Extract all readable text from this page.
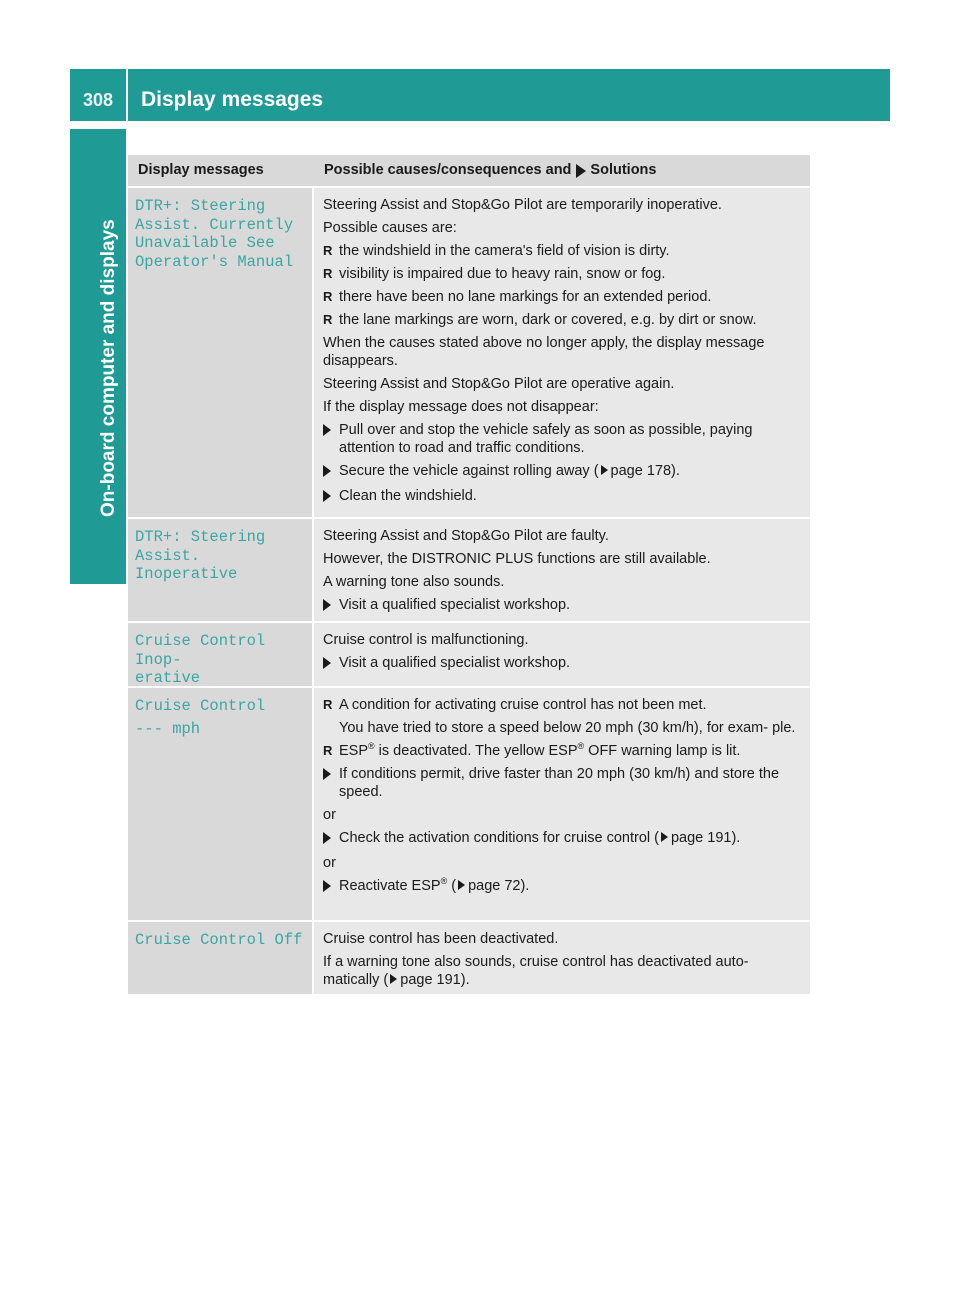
308	Display messages
On-board computer and displays
Display messages	Possible causes/consequences and Solutions
DTR+: Steering
Assist. Currently
Unavailable See
Operator's Manual

Steering Assist and Stop&Go Pilot are temporarily inoperative.

Possible causes are:

R the windshield in the camera's field of vision is dirty.
R visibility is impaired due to heavy rain, snow or fog.
R there have been no lane markings for an extended period.
R the lane markings are worn, dark or covered, e.g. by dirt or snow.

When the causes stated above no longer apply, the display message disappears.

Steering Assist and Stop&Go Pilot are operative again.

If the display message does not disappear:

Pull over and stop the vehicle safely as soon as possible, paying attention to road and traffic conditions.
Secure the vehicle against rolling away ( page 178).
Clean the windshield.
DTR+: Steering
Assist. Inoperative

Steering Assist and Stop&Go Pilot are faulty.

However, the DISTRONIC PLUS functions are still available.

A warning tone also sounds.

Visit a qualified specialist workshop.
Cruise Control Inop-
erative

Cruise control is malfunctioning.

Visit a qualified specialist workshop.
Cruise Control
--- mph
R A condition for activating cruise control has not been met.

You have tried to store a speed below 20 mph (30 km/h), for exam- ple.

R ESP® is deactivated. The yellow ESP® OFF warning lamp is lit.
If conditions permit, drive faster than 20 mph (30 km/h) and store the speed.

or

Check the activation conditions for cruise control ( page 191).

or

Reactivate ESP® ( page 72).
Cruise Control Off Cruise control has been deactivated.

If a warning tone also sounds, cruise control has deactivated auto- matically ( page 191).
